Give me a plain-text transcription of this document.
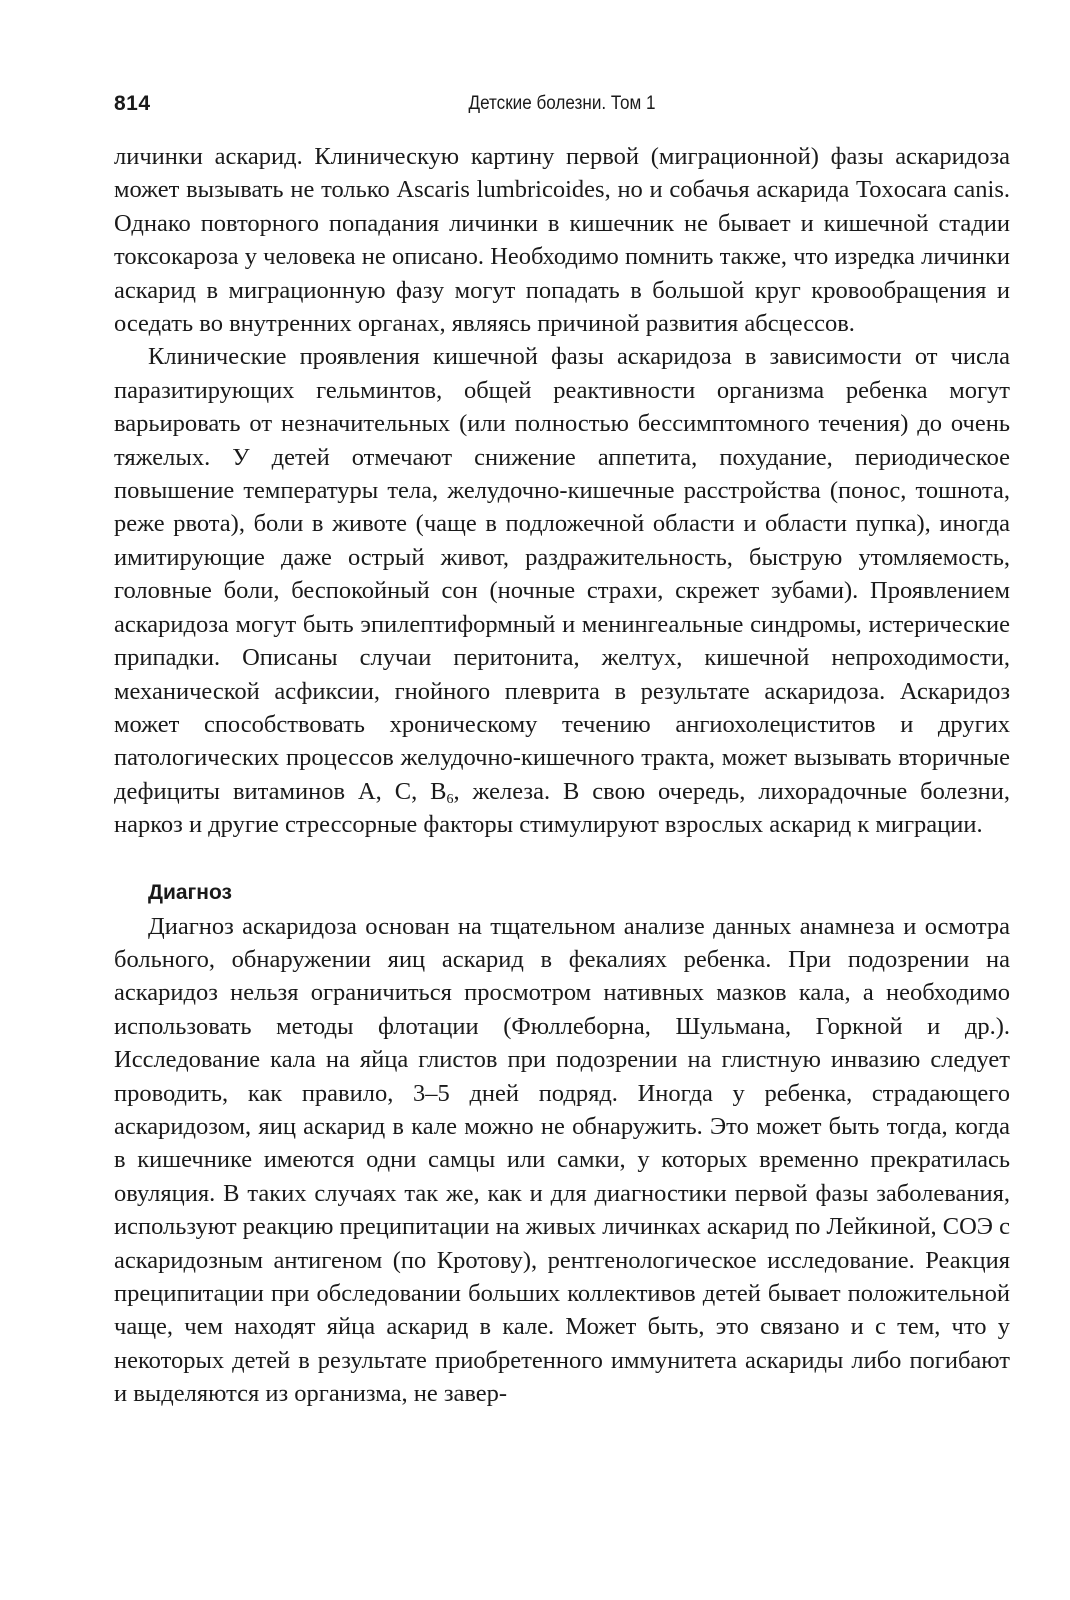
814	Детские болезни. Том 1

личинки аскарид. Клиническую картину первой (миграционной) фазы аскаридоза может вызывать не только Ascaris lumbricoides, но и собачья аскарида Toxocara canis. Однако повторного попадания личинки в кишечник не бывает и кишечной стадии токсокароза у человека не описано. Необходимо помнить также, что изредка личинки аскарид в миграционную фазу могут попадать в большой круг кровообращения и оседать во внутренних органах, являясь причиной развития абсцессов.

Клинические проявления кишечной фазы аскаридоза в зависимости от числа паразитирующих гельминтов, общей реактивности организма ребенка могут варьировать от незначительных (или полностью бессимптомного течения) до очень тяжелых. У детей отмечают снижение аппетита, похудание, периодическое повышение температуры тела, желудочно-кишечные расстройства (понос, тошнота, реже рвота), боли в животе (чаще в подложечной области и области пупка), иногда имитирующие даже острый живот, раздражительность, быструю утомляемость, головные боли, беспокойный сон (ночные страхи, скрежет зубами). Проявлением аскаридоза могут быть эпилептиформный и менингеальные синдромы, истерические припадки. Описаны случаи перитонита, желтух, кишечной непроходимости, механической асфиксии, гнойного плеврита в результате аскаридоза. Аскаридоз может способствовать хроническому течению ангиохолециститов и других патологических процессов желудочно-кишечного тракта, может вызывать вторичные дефициты витаминов А, С, $В_6$, железа. В свою очередь, лихорадочные болезни, наркоз и другие стрессорные факторы стимулируют взрослых аскарид к миграции.

Диагноз

Диагноз аскаридоза основан на тщательном анализе данных анамнеза и осмотра больного, обнаружении яиц аскарид в фекалиях ребенка. При подозрении на аскаридоз нельзя ограничиться просмотром нативных мазков кала, а необходимо использовать методы флотации (Фюллеборна, Шульмана, Горкной и др.). Исследование кала на яйца глистов при подозрении на глистную инвазию следует проводить, как правило, 3–5 дней подряд. Иногда у ребенка, страдающего аскаридозом, яиц аскарид в кале можно не обнаружить. Это может быть тогда, когда в кишечнике имеются одни самцы или самки, у которых временно прекратилась овуляция. В таких случаях так же, как и для диагностики первой фазы заболевания, используют реакцию преципитации на живых личинках аскарид по Лейкиной, СОЭ с аскаридозным антигеном (по Кротову), рентгенологическое исследование. Реакция преципитации при обследовании больших коллективов детей бывает положительной чаще, чем находят яйца аскарид в кале. Может быть, это связано и с тем, что у некоторых детей в результате приобретенного иммунитета аскариды либо погибают и выделяются из организма, не завер-
